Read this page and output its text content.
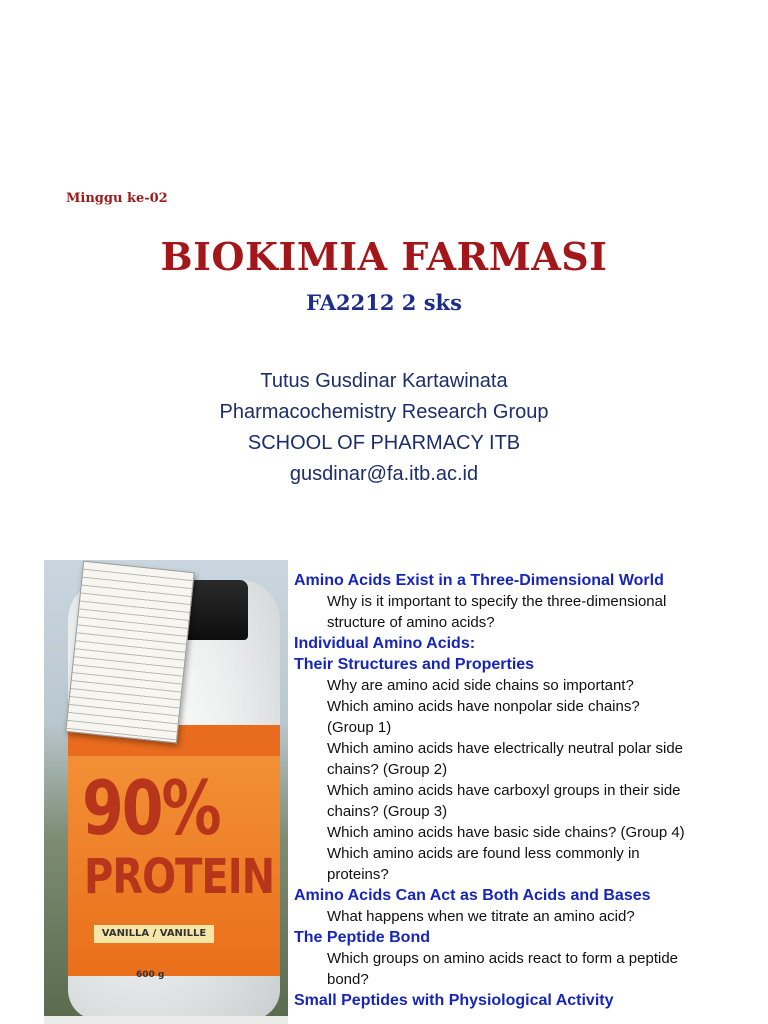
Minggu ke-02

BIOKIMIA FARMASI
FA2212 2 sks
Tutus Gusdinar Kartawinata
Pharmacochemistry Research Group
SCHOOL OF PHARMACY ITB
gusdinar@fa.itb.ac.id
90%
PROTEIN
VANILLA / VANILLE
600 g
Amino Acids Exist in a Three-Dimensional World
Why is it important to specify the three-dimensional
structure of amino acids?
Individual Amino Acids:
Their Structures and Properties
Why are amino acid side chains so important?
Which amino acids have nonpolar side chains?
(Group 1)
Which amino acids have electrically neutral polar side
chains? (Group 2)
Which amino acids have carboxyl groups in their side
chains? (Group 3)
Which amino acids have basic side chains? (Group 4)
Which amino acids are found less commonly in
proteins?
Amino Acids Can Act as Both Acids and Bases
What happens when we titrate an amino acid?
The Peptide Bond
Which groups on amino acids react to form a peptide
bond?
Small Peptides with Physiological Activity
